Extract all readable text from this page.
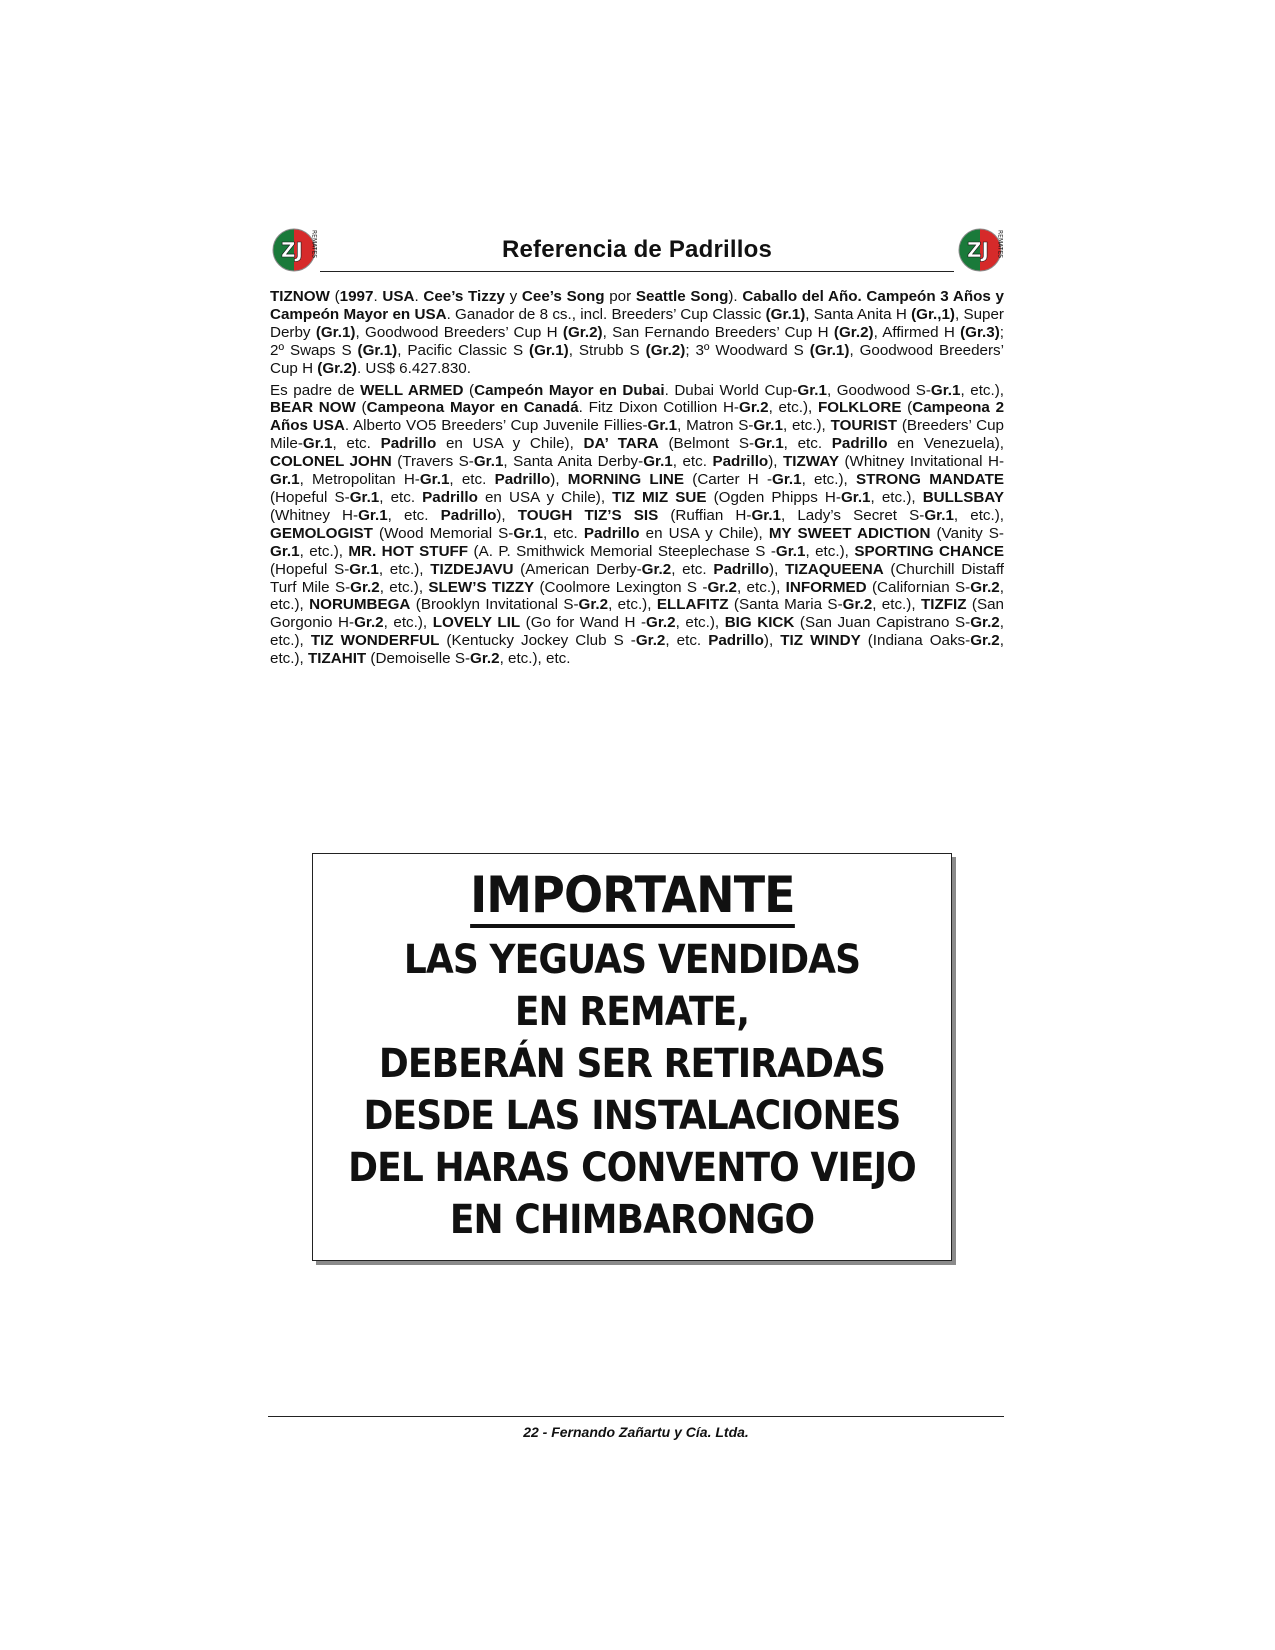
ZJ REMATES	Referencia de Padrillos	ZJ REMATES

TIZNOW (1997. USA. Cee’s Tizzy y Cee’s Song por Seattle Song). Caballo del Año. Campeón 3 Años y Campeón Mayor en USA. Ganador de 8 cs., incl. Breeders’ Cup Classic (Gr.1), Santa Anita H (Gr.,1), Super Derby (Gr.1), Goodwood Breeders’ Cup H (Gr.2), San Fernando Breeders’ Cup H (Gr.2), Affirmed H (Gr.3); 2º Swaps S (Gr.1), Pacific Classic S (Gr.1), Strubb S (Gr.2); 3º Woodward S (Gr.1), Goodwood Breeders’ Cup H (Gr.2). US$ 6.427.830.

Es padre de WELL ARMED (Campeón Mayor en Dubai. Dubai World Cup-Gr.1, Goodwood S-Gr.1, etc.), BEAR NOW (Campeona Mayor en Canadá. Fitz Dixon Cotillion H-Gr.2, etc.), FOLKLORE (Campeona 2 Años USA. Alberto VO5 Breeders’ Cup Juvenile Fillies-Gr.1, Matron S-Gr.1, etc.), TOURIST (Breeders’ Cup Mile-Gr.1, etc. Padrillo en USA y Chile), DA’ TARA (Belmont S-Gr.1, etc. Padrillo en Venezuela), COLONEL JOHN (Travers S-Gr.1, Santa Anita Derby-Gr.1, etc. Padrillo), TIZWAY (Whitney Invitational H-Gr.1, Metropolitan H-Gr.1, etc. Padrillo), MORNING LINE (Carter H -Gr.1, etc.), STRONG MANDATE (Hopeful S-Gr.1, etc. Padrillo en USA y Chile), TIZ MIZ SUE (Ogden Phipps H-Gr.1, etc.), BULLSBAY (Whitney H-Gr.1, etc. Padrillo), TOUGH TIZ’S SIS (Ruffian H-Gr.1, Lady’s Secret S-Gr.1, etc.), GEMOLOGIST (Wood Memorial S-Gr.1, etc. Padrillo en USA y Chile), MY SWEET ADICTION (Vanity S-Gr.1, etc.), MR. HOT STUFF (A. P. Smithwick Memorial Steeplechase S -Gr.1, etc.), SPORTING CHANCE (Hopeful S-Gr.1, etc.), TIZDEJAVU (American Derby-Gr.2, etc. Padrillo), TIZAQUEENA (Churchill Distaff Turf Mile S-Gr.2, etc.), SLEW’S TIZZY (Coolmore Lexington S -Gr.2, etc.), INFORMED (Californian S-Gr.2, etc.), NORUMBEGA (Brooklyn Invitational S-Gr.2, etc.), ELLAFITZ (Santa Maria S-Gr.2, etc.), TIZFIZ (San Gorgonio H-Gr.2, etc.), LOVELY LIL (Go for Wand H -Gr.2, etc.), BIG KICK (San Juan Capistrano S-Gr.2, etc.), TIZ WONDERFUL (Kentucky Jockey Club S -Gr.2, etc. Padrillo), TIZ WINDY (Indiana Oaks-Gr.2, etc.), TIZAHIT (Demoiselle S-Gr.2, etc.), etc.

IMPORTANTE
LAS YEGUAS VENDIDAS
EN REMATE,
DEBERÁN SER RETIRADAS
DESDE LAS INSTALACIONES
DEL HARAS CONVENTO VIEJO
EN CHIMBARONGO
22 - Fernando Zañartu y Cía. Ltda.
